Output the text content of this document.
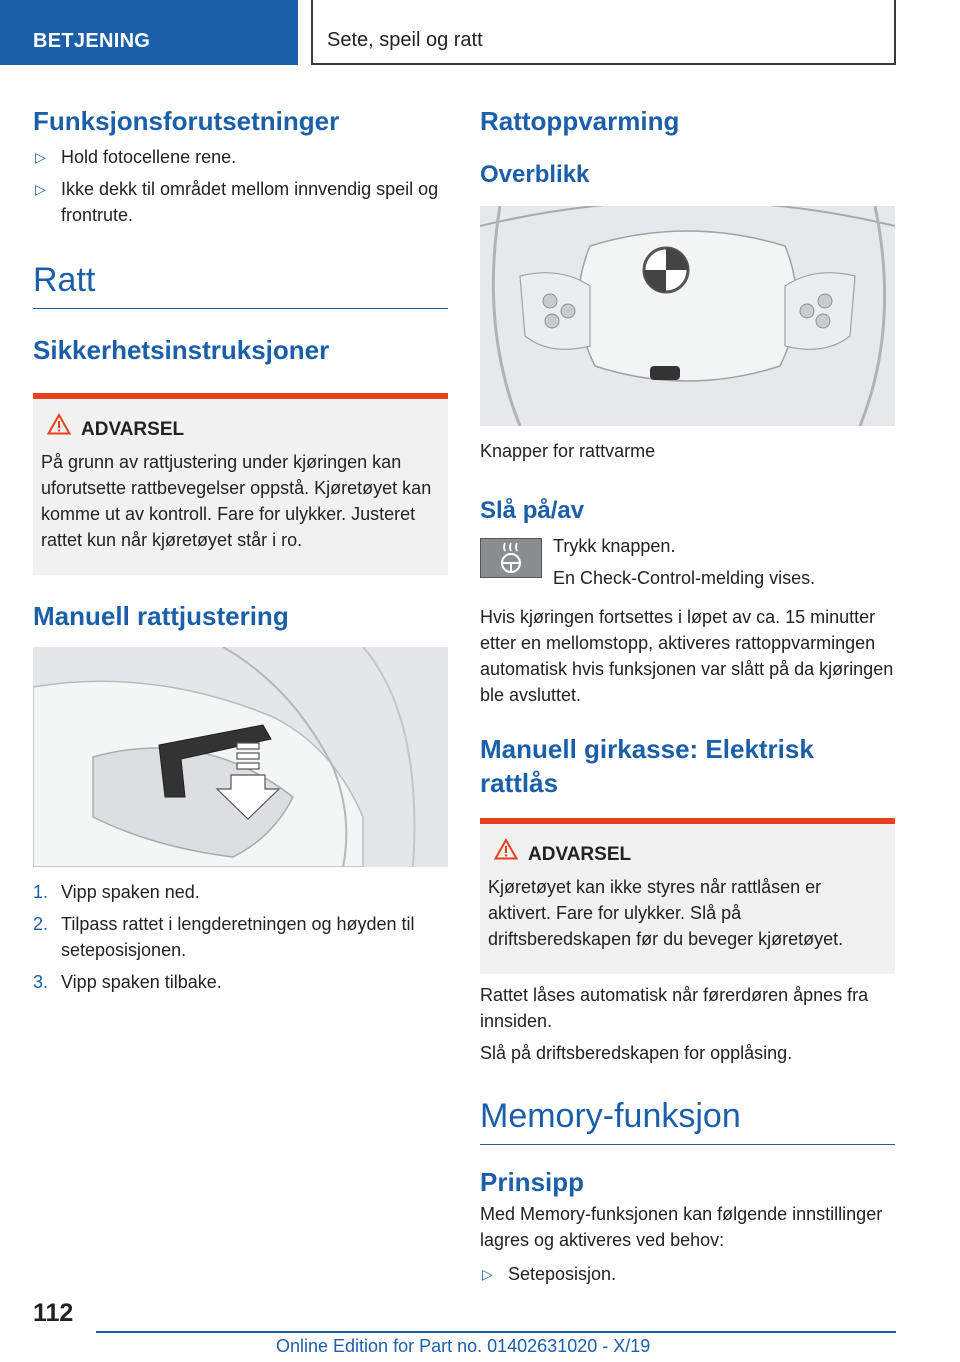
BETJENING	Sete, speil og ratt
Funksjonsforutsetninger
▷ Hold fotocellene rene.
▷ Ikke dekk til området mellom innvendig speil og frontrute.
Ratt
Sikkerhetsinstruksjoner
ADVARSEL
På grunn av rattjustering under kjøringen kan uforutsette rattbevegelser oppstå. Kjøretøyet kan komme ut av kontroll. Fare for ulykker. Justeret rattet kun når kjøretøyet står i ro.
Manuell rattjustering
1. Vipp spaken ned.
2. Tilpass rattet i lengderetningen og høyden til seteposisjonen.
3. Vipp spaken tilbake.
Rattoppvarming
Overblikk
Knapper for rattvarme
Slå på/av
Trykk knappen.
En Check-Control-melding vises.
Hvis kjøringen fortsettes i løpet av ca. 15 minutter etter en mellomstopp, aktiveres rattoppvarmingen automatisk hvis funksjonen var slått på da kjøringen ble avsluttet.
Manuell girkasse: Elektrisk rattlås
ADVARSEL
Kjøretøyet kan ikke styres når rattlåsen er aktivert. Fare for ulykker. Slå på driftsberedskapen før du beveger kjøretøyet.
Rattet låses automatisk når førerdøren åpnes fra innsiden.
Slå på driftsberedskapen for opplåsing.
Memory-funksjon
Prinsipp
Med Memory-funksjonen kan følgende innstillinger lagres og aktiveres ved behov:
▷ Seteposisjon.
112
Online Edition for Part no. 01402631020 - X/19
